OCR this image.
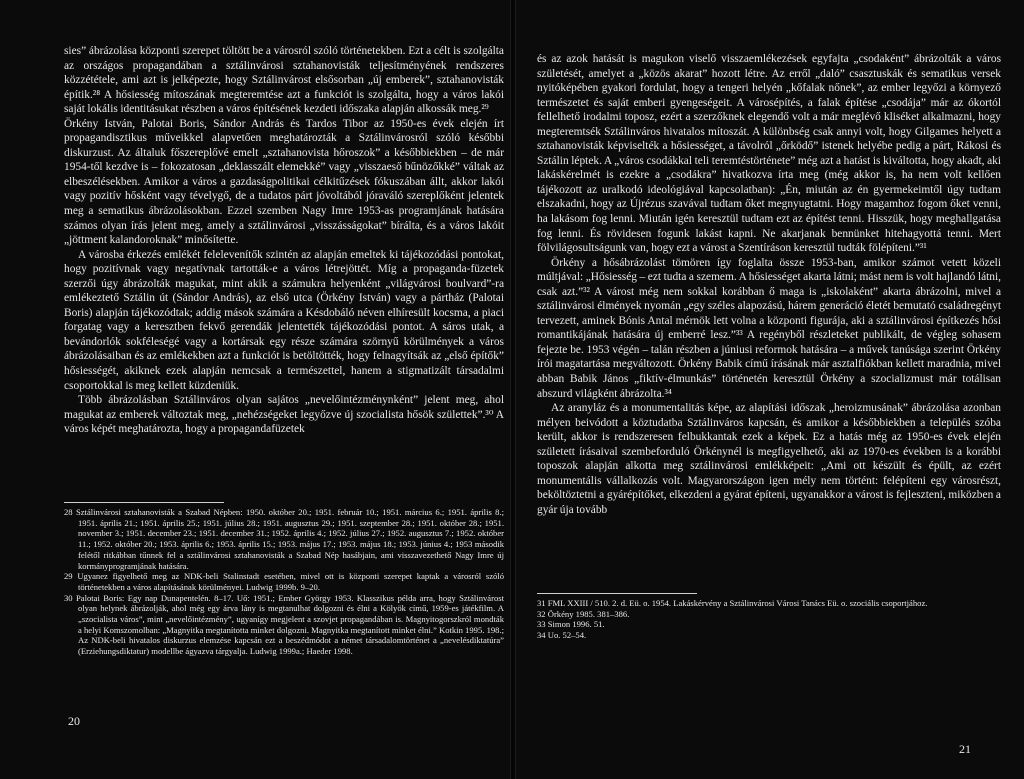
sies” ábrázolása központi szerepet töltött be a városról szóló történetekben. Ezt a célt is szolgálta az országos propagandában a sztálinvárosi sztahanovisták teljesítményének rendszeres közzététele, ami azt is jelképezte, hogy Sztálinvárost elsősorban „új emberek”, sztahanovisták építik.²⁸ A hősiesség mítoszának megteremtése azt a funkciót is szolgálta, hogy a város lakói saját lokális identitásukat részben a város építésének kezdeti időszaka alapján alkossák meg.²⁹

Örkény István, Palotai Boris, Sándor András és Tardos Tibor az 1950-es évek elején írt propagandisztikus műveikkel alapvetően meghatározták a Sztálinvárosról szóló későbbi diskurzust. Az általuk főszereplővé emelt „sztahanovista hőroszok” a későbbiekben – de már 1954-től kezdve is – fokozatosan „deklasszált elemekké” vagy „visszaeső bűnözőkké” váltak az elbeszélésekben. Amikor a város a gazdaságpolitikai célkitűzések fókuszában állt, akkor lakói vagy pozitív hősként vagy tévelygő, de a tudatos párt jóvoltából jóraváló szereplőként jelentek meg a sematikus ábrázolásokban. Ezzel szemben Nagy Imre 1953-as programjának hatására számos olyan írás jelent meg, amely a sztálinvárosi „visszásságokat” bírálta, és a város lakóit „jöttment kalandoroknak” minősítette.

A városba érkezés emlékét felelevenítők szintén az alapján emeltek ki tájékozódási pontokat, hogy pozitívnak vagy negatívnak tartották-e a város létrejöttét. Míg a propaganda-füzetek szerzői úgy ábrázolták magukat, mint akik a számukra helyenként „világvárosi boulvard”-ra emlékeztető Sztálin út (Sándor András), az első utca (Örkény István) vagy a pártház (Palotai Boris) alapján tájékozódtak; addig mások számára a Késdobáló néven elhíresült kocsma, a piaci forgatag vagy a keresztben fekvő gerendák jelentették tájékozódási pontot. A sáros utak, a bevándorlók sokféleségé vagy a kortársak egy része számára szörnyű körülmények a város ábrázolásaiban és az emlékekben azt a funkciót is betöltötték, hogy felnagyítsák az „első építők” hősiességét, akiknek ezek alapján nemcsak a természettel, hanem a stigmatizált társadalmi csoportokkal is meg kellett küzdeniük.

Több ábrázolásban Sztálinváros olyan sajátos „nevelőintézménynként” jelent meg, ahol magukat az emberek változtak meg, „nehézségeket legyőzve új szocialista hősök születtek”.³⁰ A város képét meghatározta, hogy a propagandafüzetek

28 Sztálinvárosi sztahanovisták a Szabad Népben: 1950. október 20.; 1951. február 10.; 1951. március 6.; 1951. április 8.; 1951. április 21.; 1951. április 25.; 1951. július 28.; 1951. augusztus 29.; 1951. szeptember 28.; 1951. október 28.; 1951. november 3.; 1951. december 23.; 1951. december 31.; 1952. április 4.; 1952. július 27.; 1952. augusztus 7.; 1952. október 11.; 1952. október 20.; 1953. április 6.; 1953. április 15.; 1953. május 17.; 1953. május 18.; 1953. június 4.; 1953 második felétől ritkábban tűnnek fel a sztálinvárosi sztahanovisták a Szabad Nép hasábjain, ami visszavezethető Nagy Imre új kormányprogramjának hatására.

29 Ugyanez figyelhető meg az NDK-beli Stalinstadt esetében, mivel ott is központi szerepet kaptak a városról szóló történetekben a város alapításának körülményei. Ludwig 1999b. 9–20.

30 Palotai Boris: Egy nap Dunapentelén. 8–17. Uő: 1951.; Ember György 1953. Klasszikus példa arra, hogy Sztálinvárost olyan helynek ábrázolják, ahol még egy árva lány is megtanulhat dolgozni és élni a Kölyök című, 1959-es játékfilm. A „szocialista város”, mint „nevelőintézmény”, ugyanígy megjelent a szovjet propagandában is. Magnyitogorszkról mondták a helyi Komszomolban: „Magnyitka megtanította minket dolgozni. Magnyitka megtanított minket élni.” Kotkin 1995. 198.; Az NDK-beli hivatalos diskurzus elemzése kapcsán ezt a beszédmódot a német társadalomtörténet a „nevelésdiktatúra” (Erziehungsdiktatur) modellbe ágyazva tárgyalja. Ludwig 1999a.; Haeder 1998.

20

és az azok hatását is magukon viselő visszaemlékezések egyfajta „csodaként” ábrázolták a város születését, amelyet a „közös akarat” hozott létre. Az erről „daló” csasztuskák és sematikus versek nyitóképében gyakori fordulat, hogy a tengeri helyén „kőfalak nőnek”, az ember legyőzi a környező természetet és saját emberi gyengeségeit. A városépítés, a falak építése „csodája” már az ókortól fellelhető irodalmi toposz, ezért a szerzőknek elegendő volt a már meglévő kliséket alkalmazni, hogy megteremtsék Sztálinváros hivatalos mítoszát. A különbség csak annyi volt, hogy Gilgames helyett a sztahanovisták képviselték a hősiességet, a távolról „őrködő” istenek helyébe pedig a párt, Rákosi és Sztálin léptek. A „város csodákkal teli teremtéstörténete” még azt a hatást is kiváltotta, hogy akadt, aki lakáskérelmét is ezekre a „csodákra” hivatkozva írta meg (még akkor is, ha nem volt kellően tájékozott az uralkodó ideológiával kapcsolatban): „Én, miután az én gyermekeimtől úgy tudtam elszakadni, hogy az Újrézus szavával tudtam őket megnyugtatni. Hogy magamhoz fogom őket venni, ha lakásom fog lenni. Miután igén keresztül tudtam ezt az építést tenni. Hisszük, hogy meghallgatása fog lenni. És rövidesen fogunk lakást kapni. Ne akarjanak bennünket hitehagyottá tenni. Mert fölvilágosultságunk van, hogy ezt a várost a Szentíráson keresztül tudták fölépíteni.”³¹

Örkény a hősábrázolást tömören így foglalta össze 1953-ban, amikor számot vetett közeli múltjával: „Hősiesség – ezt tudta a szemem. A hősiességet akarta látni; mást nem is volt hajlandó látni, csak azt.”³² A várost még nem sokkal korábban ő maga is „iskolaként” akarta ábrázolni, mivel a sztálinvárosi élmények nyomán „egy széles alapozású, hárem generáció életét bemutató családregényt tervezett, aminek Bónis Antal mérnök lett volna a központi figurája, aki a sztálinvárosi építkezés hősi romantikájának hatására új emberré lesz.”³³ A regényből részleteket publikált, de végleg sohasem fejezte be. 1953 végén – talán részben a júniusi reformok hatására – a művek tanúsága szerint Örkény írói magatartása megváltozott. Örkény Babik című írásának már asztalfiókban kellett maradnia, mivel abban Babik János „fiktív-élmunkás” történetén keresztül Örkény a szocializmust már totálisan abszurd világként ábrázolta.³⁴

Az aranyláz és a monumentalitás képe, az alapítási időszak „heroizmusának” ábrázolása azonban mélyen beivódott a köztudatba Sztálinváros kapcsán, és amikor a későbbiekben a település szóba került, akkor is rendszeresen felbukkantak ezek a képek. Ez a hatás még az 1950-es évek elején született írásaival szembeforduló Örkénynél is megfigyelhető, aki az 1970-es években is a korábbi toposzok alapján alkotta meg sztálinvárosi emlékképeit: „Ami ott készült és épült, az ezért monumentális vállalkozás volt. Magyarországon igen mély nem történt: felépíteni egy városrészt, beköltöztetni a gyárépítőket, elkezdeni a gyárat építeni, ugyanakkor a várost is fejleszteni, miközben a gyár úja tovább

31 FML XXIII / 510. 2. d. Eü. o. 1954. Lakáskérvény a Sztálinvárosi Városi Tanács Eü. o. szociális csoportjához.

32 Örkény 1985. 381–386.

33 Simon 1996. 51.

34 Uo. 52–54.

21
